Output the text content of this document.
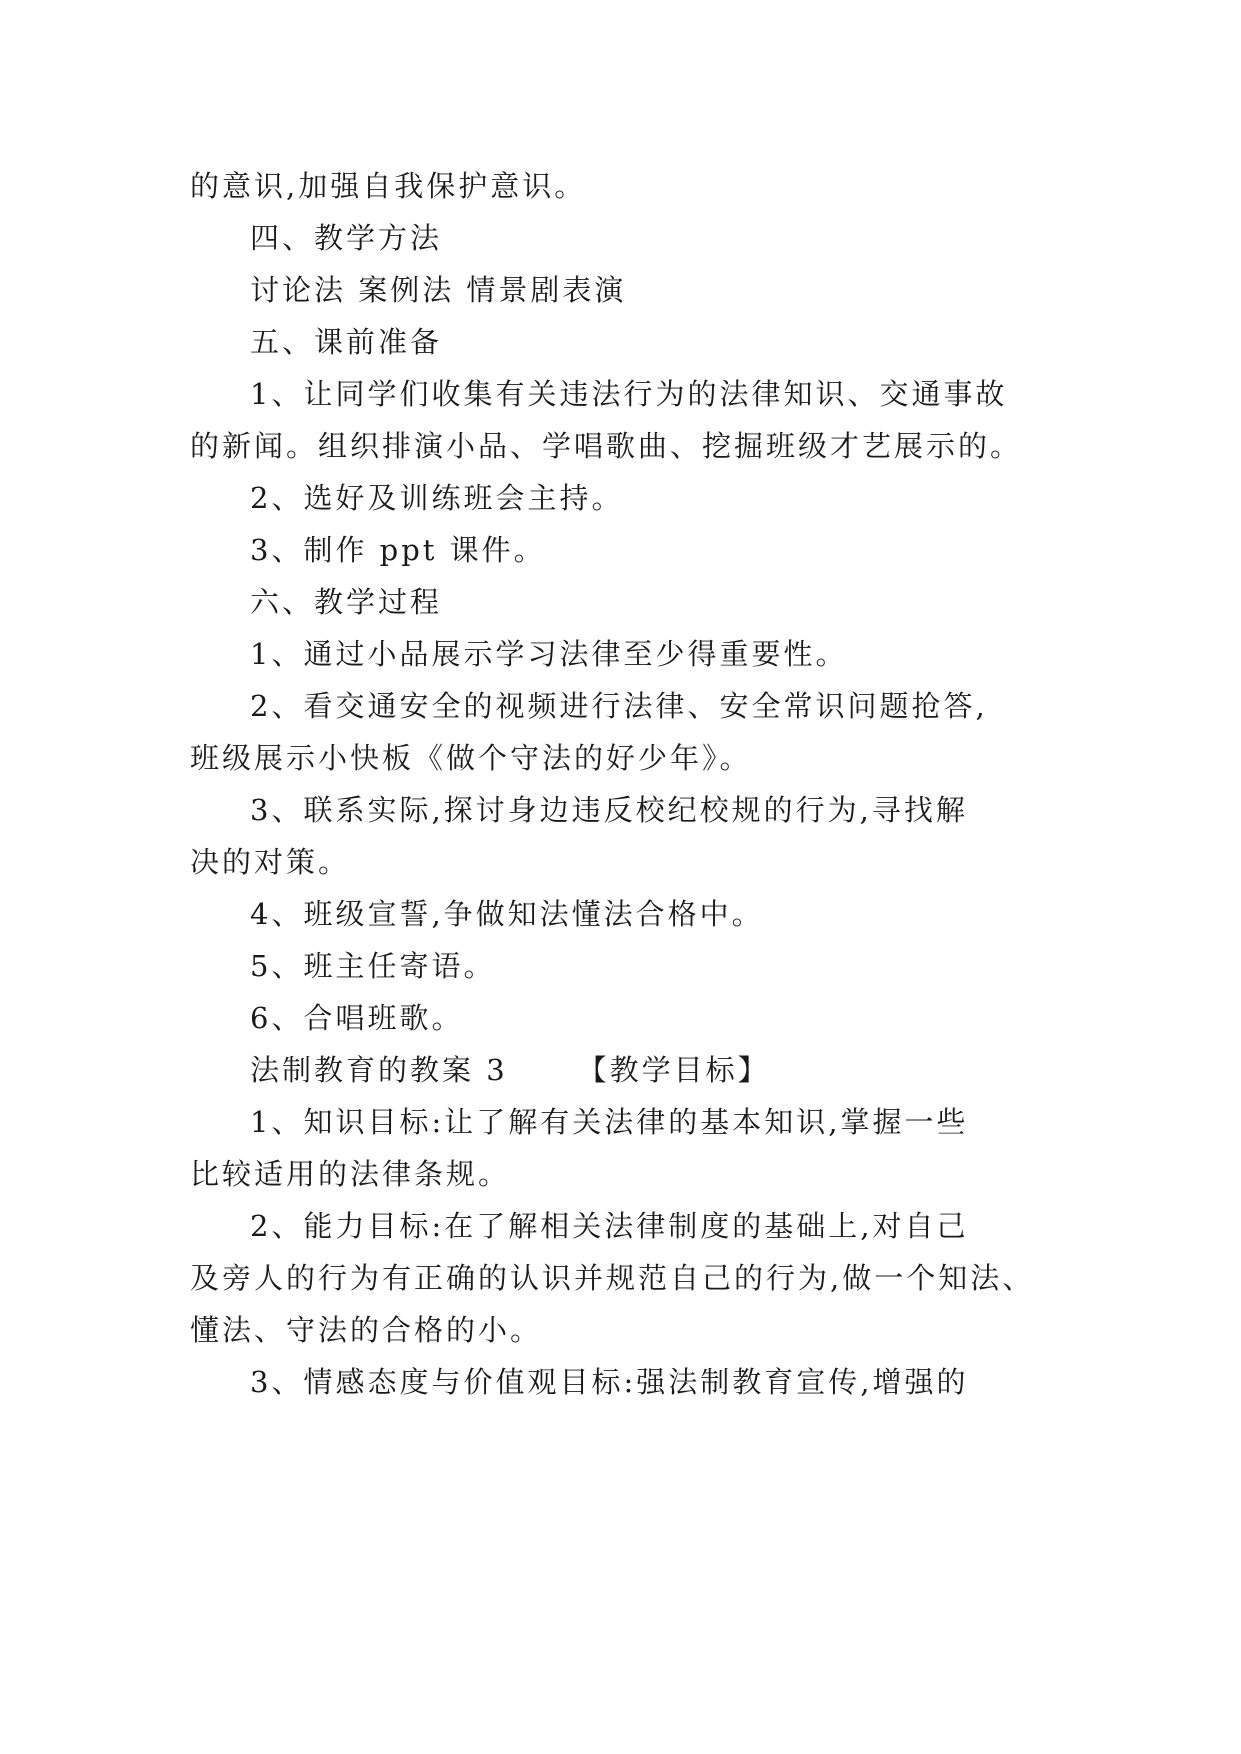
的意识,加强自我保护意识。
四、教学方法
讨论法 案例法 情景剧表演
五、课前准备
1、让同学们收集有关违法行为的法律知识、交通事故
的新闻。组织排演小品、学唱歌曲、挖掘班级才艺展示的。
2、选好及训练班会主持。
3、制作 ppt 课件。
六、教学过程
1、通过小品展示学习法律至少得重要性。
2、看交通安全的视频进行法律、安全常识问题抢答,
班级展示小快板《做个守法的好少年》。
3、联系实际,探讨身边违反校纪校规的行为,寻找解
决的对策。
4、班级宣誓,争做知法懂法合格中。
5、班主任寄语。
6、合唱班歌。
法制教育的教案 3 【教学目标】
1、知识目标:让了解有关法律的基本知识,掌握一些
比较适用的法律条规。
2、能力目标:在了解相关法律制度的基础上,对自己
及旁人的行为有正确的认识并规范自己的行为,做一个知法、
懂法、守法的合格的小。
3、情感态度与价值观目标:强法制教育宣传,增强的
